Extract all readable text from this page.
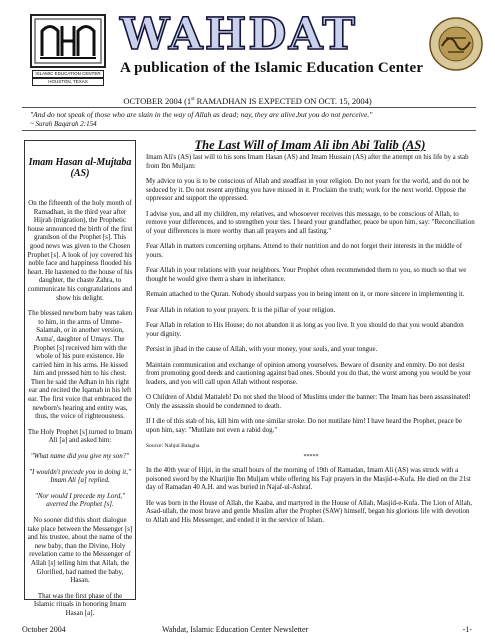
ISLAMIC EDUCATION CENTER
HOUSTON, TEXAS
WAHDAT
A publication of the Islamic Education Center
OCTOBER 2004 (1st RAMADHAN IS EXPECTED ON OCT. 15, 2004)
"And do not speak of those who are slain in the way of Allah as dead; nay, they are alive,but you do not perceive."
~ Surah Baqarah 2:154
Imam Hasan al-Mujtaba (AS)

On the fifteenth of the holy month of Ramadhan, in the third year after Hijrah (migration), the Prophetic house announced the birth of the first grandson of the Prophet [s]. This good news was given to the Chosen Prophet [s]. A look of joy covered his noble face and happiness flooded his heart. He hastened to the house of his daughter, the chaste Zahra, to communicate his congratulations and show his delight.

The blessed newborn baby was taken to him, in the arms of Umme-Salamah, or in another version, Asma', daughter of Umays. The Prophet [s] received him with the whole of his pure existence. He carried him in his arms. He kissed him and pressed him to his chest. Then he said the Adhan in his right ear and recited the Iqamah in his left ear. The first voice that embraced the newborn's hearing and entity was, thus, the voice of righteousness.

The Holy Prophet [s] turned to Imam Ali [a] and asked him:

"What name did you give my son?"

"I wouldn't precede you in doing it," Imam Ali [a] replied.

"Nor would I precede my Lord," averred the Prophet [s].

No sooner did this short dialogue take place between the Messenger [s] and his trustee, about the name of the new baby, than the Divine, Holy revelation came to the Messenger of Allah [s] telling him that Allah, the Glorified, had named the baby, Hasan.

That was the first phase of the Islamic rituals in honoring Imam Hasan [a].

The Last Will of Imam Ali ibn Abi Talib (AS)

Imam Ali's (AS) last will to his sons Imam Hasan (AS) and Imam Hussain (AS) after the attempt on his life by a stab from Ibn Muljam:

My advice to you is to be conscious of Allah and steadfast in your religion. Do not yearn for the world, and do not be seduced by it. Do not resent anything you have missed in it. Proclaim the truth; work for the next world. Oppose the oppressor and support the oppressed.

I advise you, and all my children, my relatives, and whosoever receives this message, to be conscious of Allah, to remove your differences, and to strengthen your ties. I heard your grandfather, peace be upon him, say: "Reconciliation of your differences is more worthy than all prayers and all fasting."

Fear Allah in matters concerning orphans. Attend to their nutrition and do not forget their interests in the middle of yours.

Fear Allah in your relations with your neighbors. Your Prophet often recommended them to you, so much so that we thought he would give them a share in inheritance.

Remain attached to the Quran. Nobody should surpass you in being intent on it, or more sincere in implementing it.

Fear Allah in relation to your prayers. It is the pillar of your religion.

Fear Allah in relation to His House; do not abandon it as long as you live. It you should do that you would abandon your dignity.

Persist in jihad in the cause of Allah, with your money, your souls, and your tongue.

Maintain communication and exchange of opinion among yourselves. Beware of disunity and enmity. Do not desist from promoting good deeds and cautioning against bad ones. Should you do that, the worst among you would be your leaders, and you will call upon Allah without response.

O Children of Abdul Mattaleb! Do not shed the blood of Muslims under the banner: The Imam has been assassinated! Only the assassin should be condemned to death.

If I die of this stab of his, kill him with one similar stroke. Do not mutilate him! I have heard the Prophet, peace be upon him, say: "Mutilate not even a rabid dog."

Source: Nahjul Balagha

*****

In the 40th year of Hijri, in the small hours of the morning of 19th of Ramadan, Imam Ali (AS) was struck with a poisoned sword by the Kharijite Ibn Muljam while offering his Fajr prayers in the Masjid-e-Kufa. He died on the 21st day of Ramadan 40 A.H. and was buried in Najaf-ul-Ashraf.

He was born in the House of Allah, the Kaaba, and martyred in the House of Allah, Masjid-e-Kufa. The Lion of Allah, Asad-ullah, the most brave and gentle Muslim after the Prophet (SAW) himself, began his glorious life with devotion to Allah and His Messenger, and ended it in the service of Islam.

October 2004	Wahdat, Islamic Education Center Newsletter	-1-
